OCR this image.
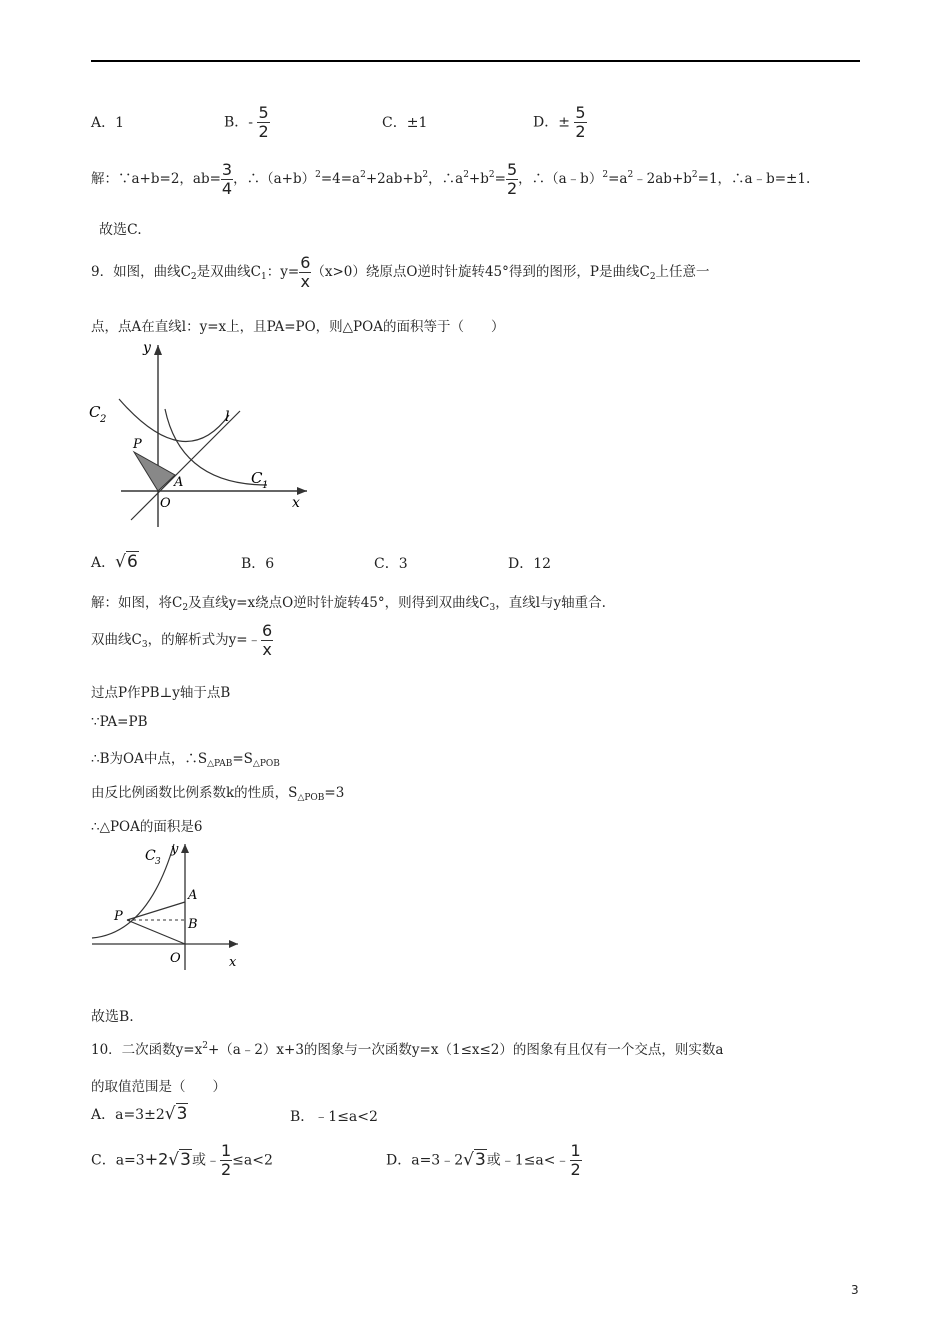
A．1	B．- $\frac{5}{2}$	C．±1	D．± $\frac{5}{2}$
解：∵a+b=2，$ab= \frac{3}{4}$ ，$\therefore(a+b)^2=4=a^2+2ab+b^2$，$\therefore a^2+b^2= \frac{5}{2}$ ，$\therefore(a﹣b)^2=a^2﹣2ab+b^2=1$，∴a﹣b=±1.
故选C.
9．如图，曲线$C_2$是双曲线$C_1$：$y= \frac{6}{x} (x>0)$绕原点O逆时针旋转45°得到的图形，P是曲线$C_2$上任意一
点，点A在直线l：y=x上，且PA=PO，则△POA的面积等于（　　）
C 2	l
P
A
O
C 1
x
y
A．√6	B．6	C．3	D．12
解：如图，将$C_2$及直线y=x绕点O逆时针旋转45°，则得到双曲线$C_3$，直线l与y轴重合.
双曲线$C_3$，的解析式为y=﹣ $\frac{6}{x}$
过点P作PB⊥y轴于点B
∵PA=PB
∴B为OA中点，$\therefore S_{\triangle PAB}=S_{\triangle POB}$
由反比例函数比例系数k的性质，$S_{\triangle POB}=3$
∴△POA的面积是6
C 3
y
A
B
P
O	x
故选B.
10．二次函数$y=x^2+(a﹣2)x+3$的图象与一次函数y=x（1≤x≤2）的图象有且仅有一个交点，则实数a
的取值范围是（　　）
A．a=3±2√3	B．﹣1≤a<2
C．a=3+2√3或﹣ $\frac{1}{2} \le a<2$	D．a=3﹣2√3或﹣1≤a<﹣ $\frac{1}{2}$
3
